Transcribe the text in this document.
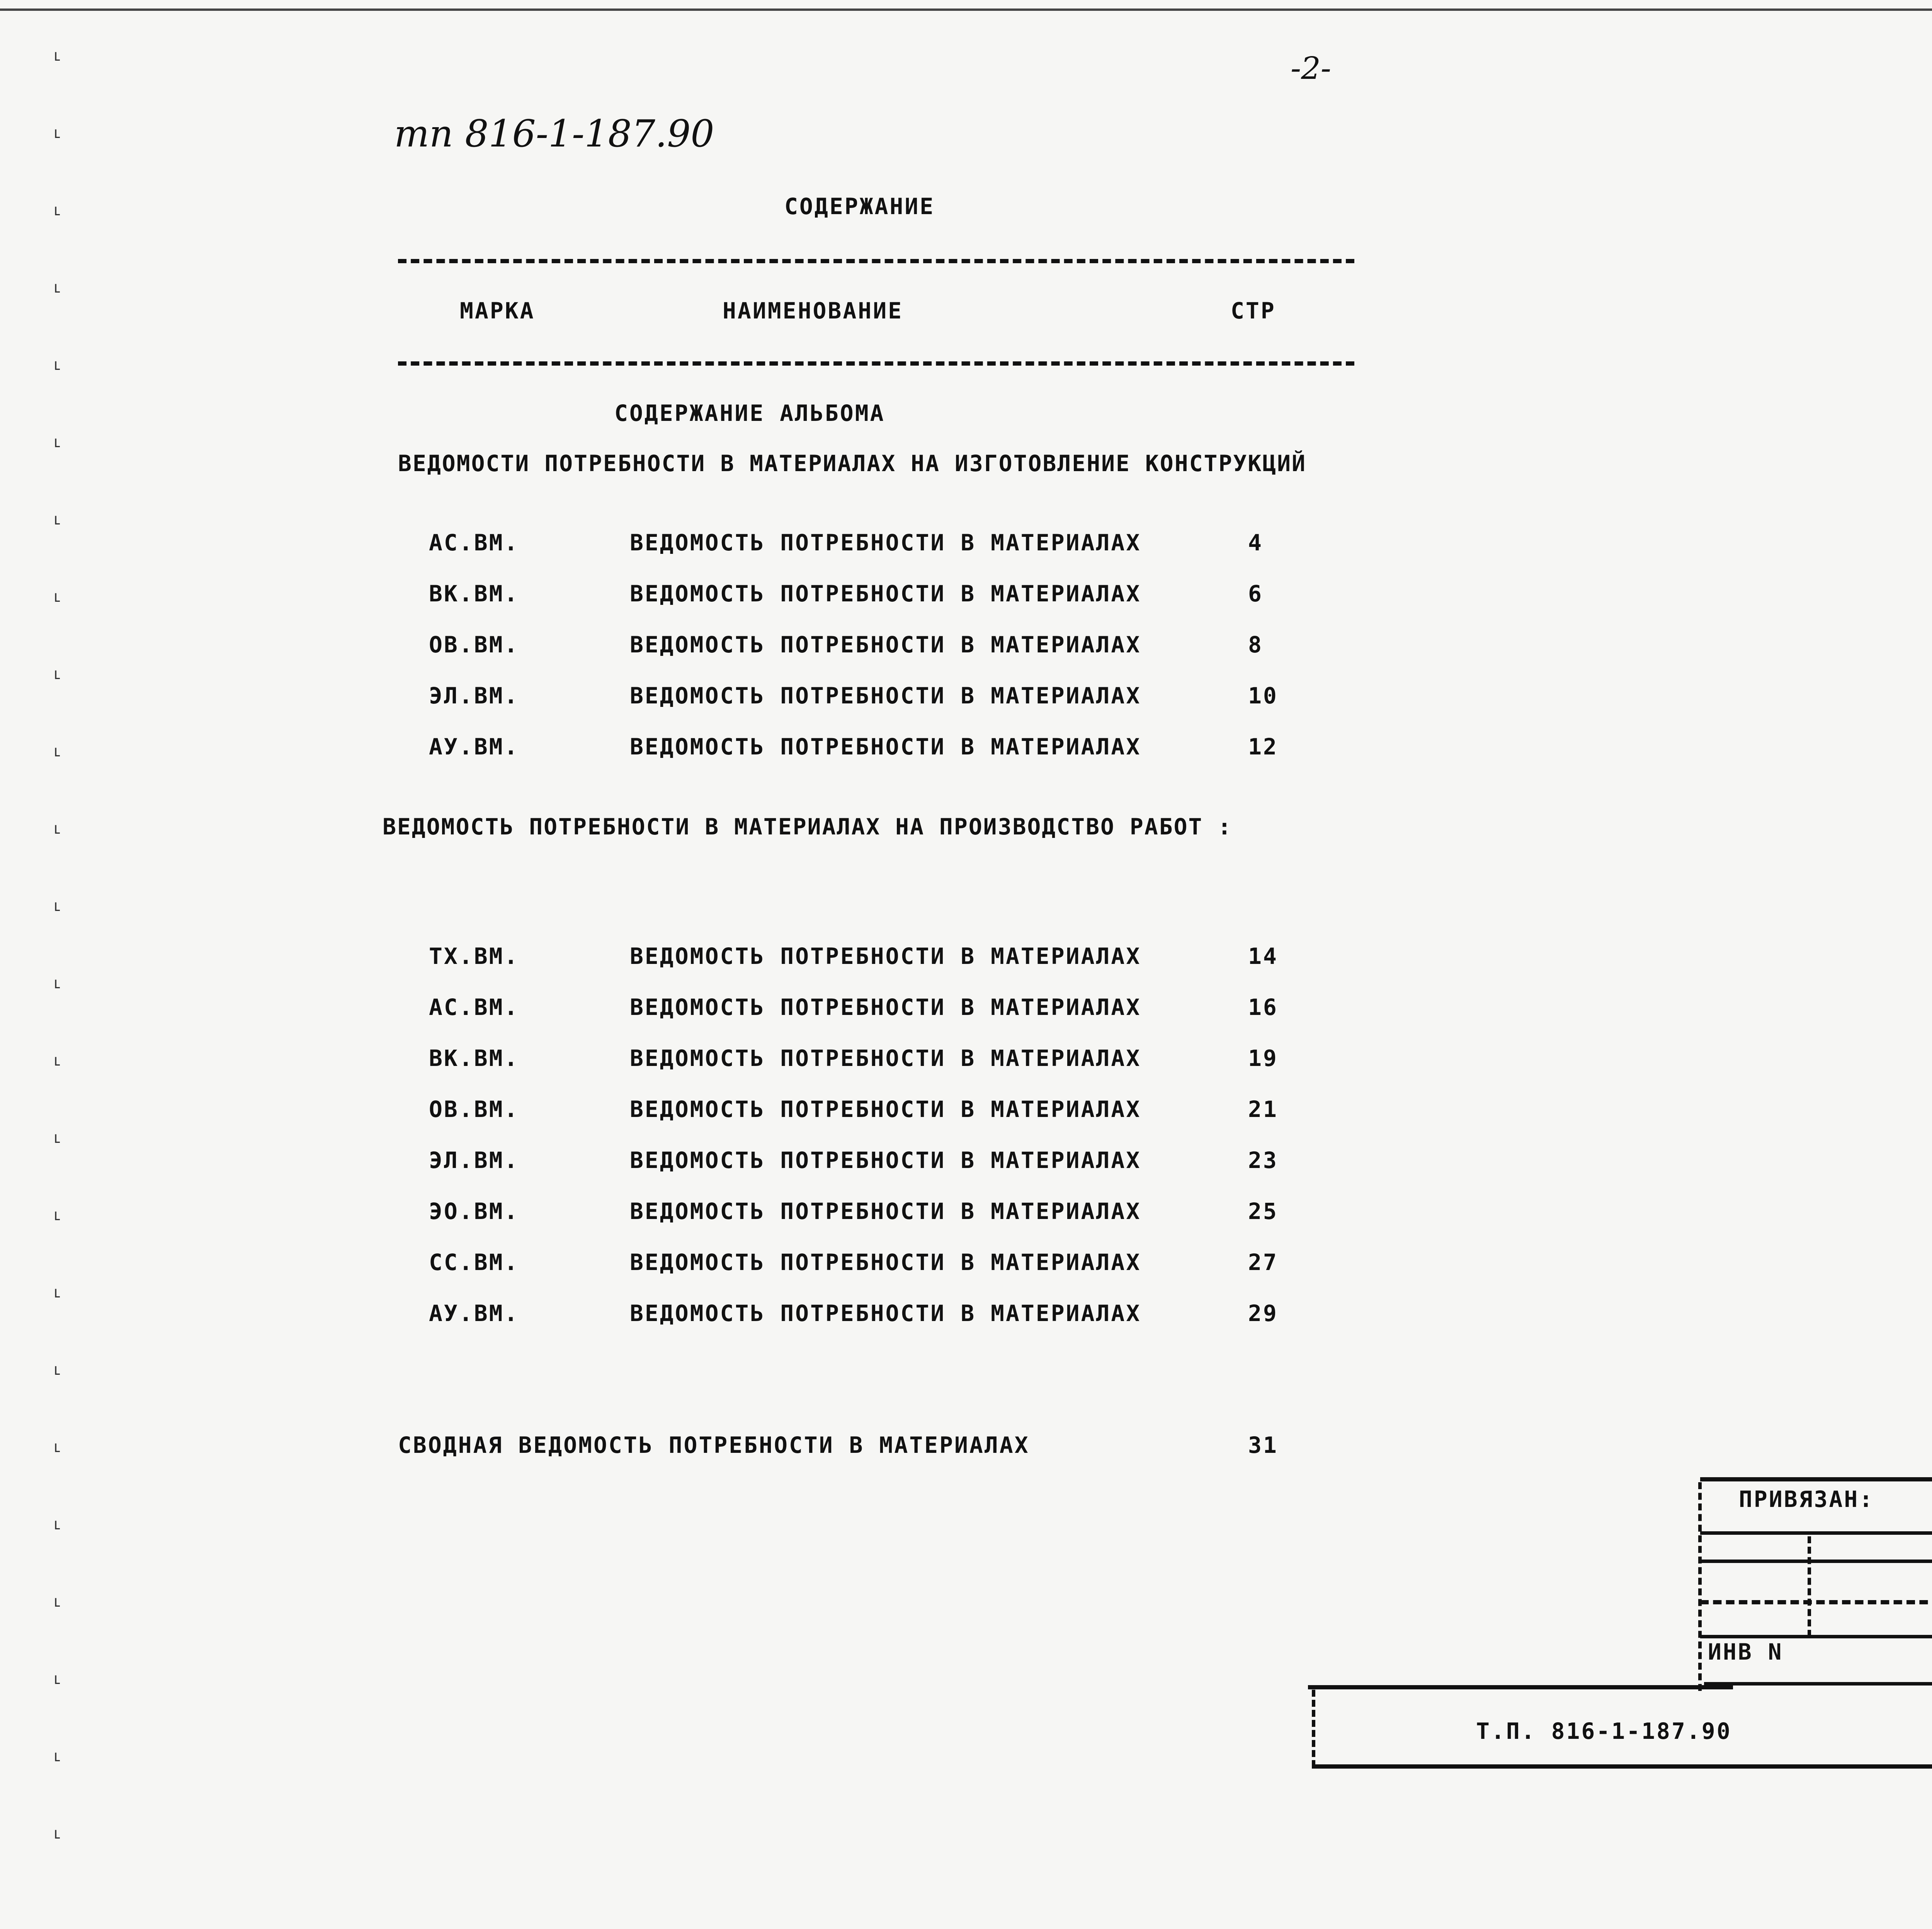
-2-
тп 816-1-187.90
СОДЕРЖАНИЕ
МАРКА	НАИМЕНОВАНИЕ	СТР
СОДЕРЖАНИЕ АЛЬБОМА
ВЕДОМОСТИ ПОТРЕБНОСТИ В МАТЕРИАЛАХ НА ИЗГОТОВЛЕНИЕ КОНСТРУКЦИЙ
АС.ВМ.	ВЕДОМОСТЬ ПОТРЕБНОСТИ В МАТЕРИАЛАХ	4
ВК.ВМ.	ВЕДОМОСТЬ ПОТРЕБНОСТИ В МАТЕРИАЛАХ	6
ОВ.ВМ.	ВЕДОМОСТЬ ПОТРЕБНОСТИ В МАТЕРИАЛАХ	8
ЭЛ.ВМ.	ВЕДОМОСТЬ ПОТРЕБНОСТИ В МАТЕРИАЛАХ	10
АУ.ВМ.	ВЕДОМОСТЬ ПОТРЕБНОСТИ В МАТЕРИАЛАХ	12
ВЕДОМОСТЬ ПОТРЕБНОСТИ В МАТЕРИАЛАХ НА ПРОИЗВОДСТВО РАБОТ :
ТХ.ВМ.	ВЕДОМОСТЬ ПОТРЕБНОСТИ В МАТЕРИАЛАХ	14
АС.ВМ.	ВЕДОМОСТЬ ПОТРЕБНОСТИ В МАТЕРИАЛАХ	16
ВК.ВМ.	ВЕДОМОСТЬ ПОТРЕБНОСТИ В МАТЕРИАЛАХ	19
ОВ.ВМ.	ВЕДОМОСТЬ ПОТРЕБНОСТИ В МАТЕРИАЛАХ	21
ЭЛ.ВМ.	ВЕДОМОСТЬ ПОТРЕБНОСТИ В МАТЕРИАЛАХ	23
ЭО.ВМ.	ВЕДОМОСТЬ ПОТРЕБНОСТИ В МАТЕРИАЛАХ	25
СС.ВМ.	ВЕДОМОСТЬ ПОТРЕБНОСТИ В МАТЕРИАЛАХ	27
АУ.ВМ.	ВЕДОМОСТЬ ПОТРЕБНОСТИ В МАТЕРИАЛАХ	29
СВОДНАЯ ВЕДОМОСТЬ ПОТРЕБНОСТИ В МАТЕРИАЛАХ	31
ПРИВЯЗАН:
ИНВ N
Т.П. 816-1-187.90
˪
˪
˪
˪
˪
˪
˪
˪
˪
˪
˪
˪
˪
˪
˪
˪
˪
˪
˪
˪
˪
˪
˪
˪
